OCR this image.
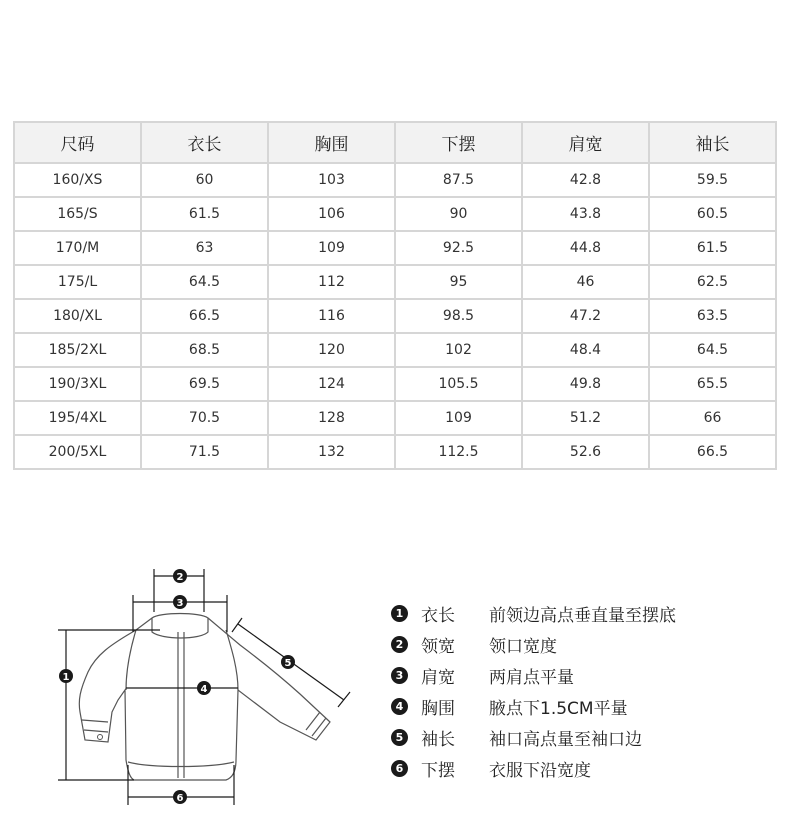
尺码	衣长	胸围	下摆	肩宽	袖长
160/XS	60	103	87.5	42.8	59.5
165/S	61.5	106	90	43.8	60.5
170/M	63	109	92.5	44.8	61.5
175/L	64.5	112	95	46	62.5
180/XL	66.5	116	98.5	47.2	63.5
185/2XL	68.5	120	102	48.4	64.5
190/3XL	69.5	124	105.5	49.8	65.5
195/4XL	70.5	128	109	51.2	66
200/5XL	71.5	132	112.5	52.6	66.5
2
3
1
4
5
6
1 衣长	前领边高点垂直量至摆底
2 领宽	领口宽度
3 肩宽	两肩点平量
4 胸围	腋点下1.5CM平量
5 袖长	袖口高点量至袖口边
6 下摆	衣服下沿宽度
